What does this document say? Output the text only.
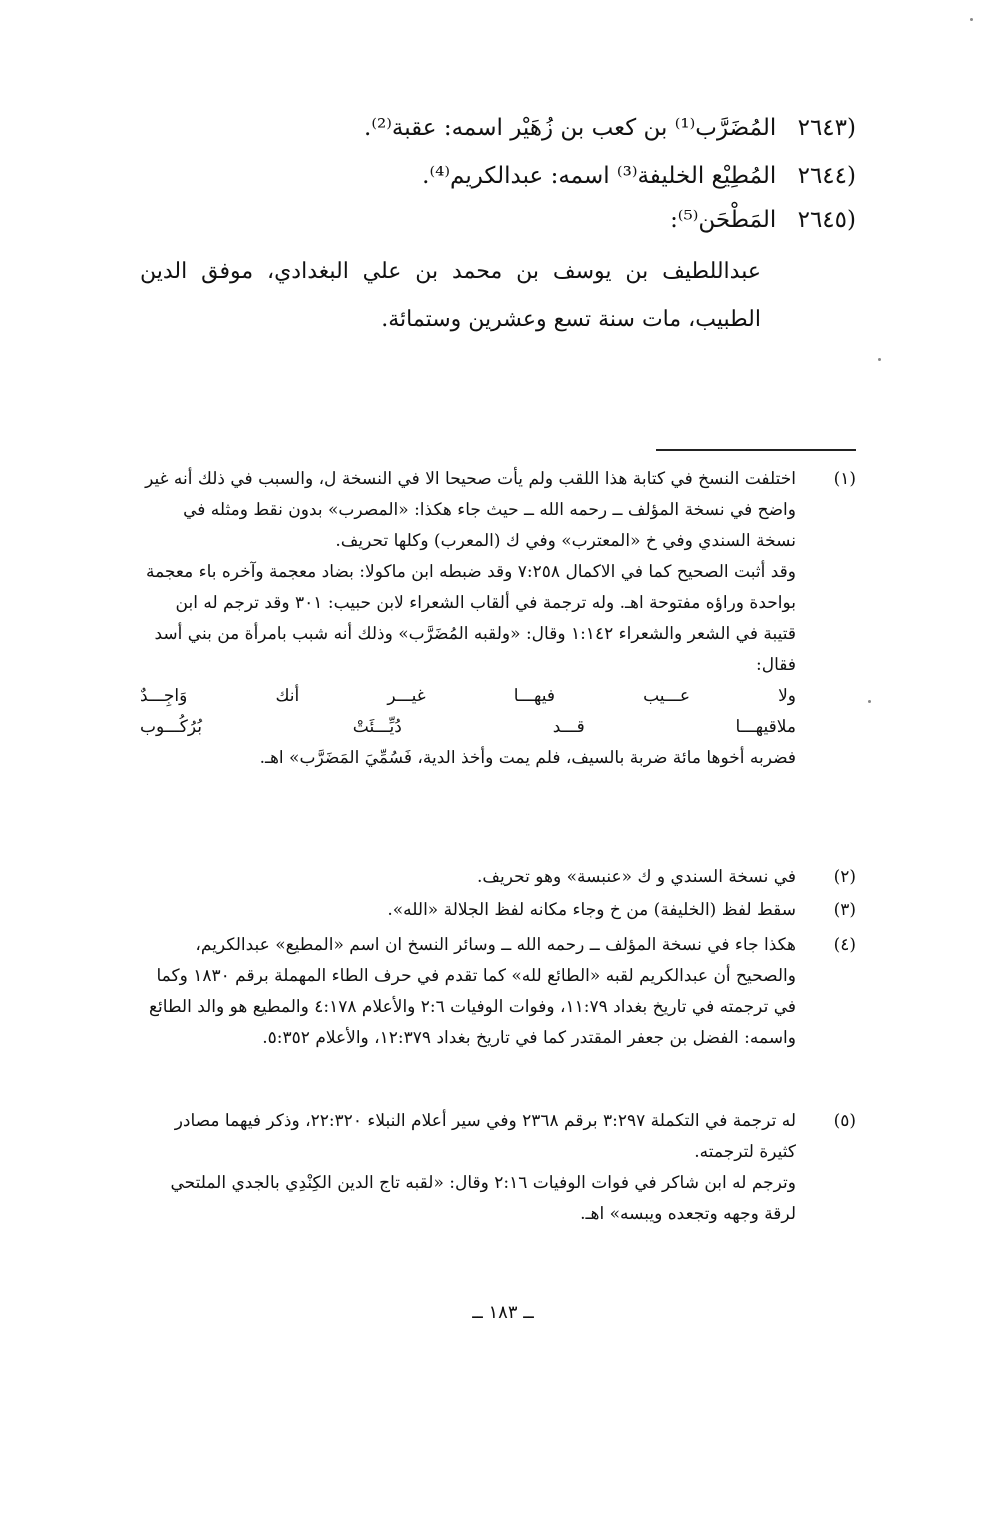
(٢٦٤٣ المُضَرَّب⁽¹⁾ بن كعب بن زُهَيْر اسمه: عقبة⁽²⁾.
(٢٦٤٤ المُطِيْع الخليفة⁽³⁾ اسمه: عبدالكريم⁽⁴⁾.
(٢٦٤٥ المَطْحَن⁽⁵⁾:
عبداللطيف بن يوسف بن محمد بن علي البغدادي، موفق الدين الطبيب، مات سنة تسع وعشرين وستمائة.
(١)

اختلفت النسخ في كتابة هذا اللقب ولم يأت صحيحا الا في النسخة ل، والسبب في ذلك أنه غير واضح في نسخة المؤلف ــ رحمه الله ــ حيث جاء هكذا: «المصرب» بدون نقط ومثله في نسخة السندي وفي خ «المعترب» وفي ك (المعرب) وكلها تحريف.

وقد أثبت الصحيح كما في الاكمال ٧:٢٥٨ وقد ضبطه ابن ماكولا: بضاد معجمة وآخره باء معجمة بواحدة وراؤه مفتوحة اهـ. وله ترجمة في ألقاب الشعراء لابن حبيب: ٣٠١ وقد ترجم له ابن قتيبة في الشعر والشعراء ١:١٤٢ وقال: «ولقبه المُضَرَّب» وذلك أنه شبب بامرأة من بني أسد فقال:

ولا
عـــيب
فيهـــا
غيـــر
أنك
وَاجِـــدٌ
ملاقيهـــا
قـــد
دُيِّـــئَتْ
بُرُكُـــوب

فضربه أخوها مائة ضربة بالسيف، فلم يمت وأخذ الدية، فَسُمِّيَ المَضَرَّب» اهـ.

(٢)

في نسخة السندي و ك «عنبسة» وهو تحريف.

(٣)

سقط لفظ (الخليفة) من خ وجاء مكانه لفظ الجلالة «الله».

(٤)

هكذا جاء في نسخة المؤلف ــ رحمه الله ــ وسائر النسخ ان اسم «المطيع» عبدالكريم، والصحيح أن عبدالكريم لقبه «الطائع لله» كما تقدم في حرف الطاء المهملة برقم ١٨٣٠ وكما في ترجمته في تاريخ بغداد ١١:٧٩، وفوات الوفيات ٢:٦ والأعلام ٤:١٧٨ والمطيع هو والد الطائع واسمه: الفضل بن جعفر المقتدر كما في تاريخ بغداد ١٢:٣٧٩، والأعلام ٥:٣٥٢.

(٥)

له ترجمة في التكملة ٣:٢٩٧ برقم ٢٣٦٨ وفي سير أعلام النبلاء ٢٢:٣٢٠، وذكر فيهما مصادر كثيرة لترجمته.

وترجم له ابن شاكر في فوات الوفيات ٢:١٦ وقال: «لقبه تاج الدين الكِنْدِي بالجدي الملتحي لرقة وجهه وتجعده ويبسه» اهـ.

ــ ١٨٣ ــ
